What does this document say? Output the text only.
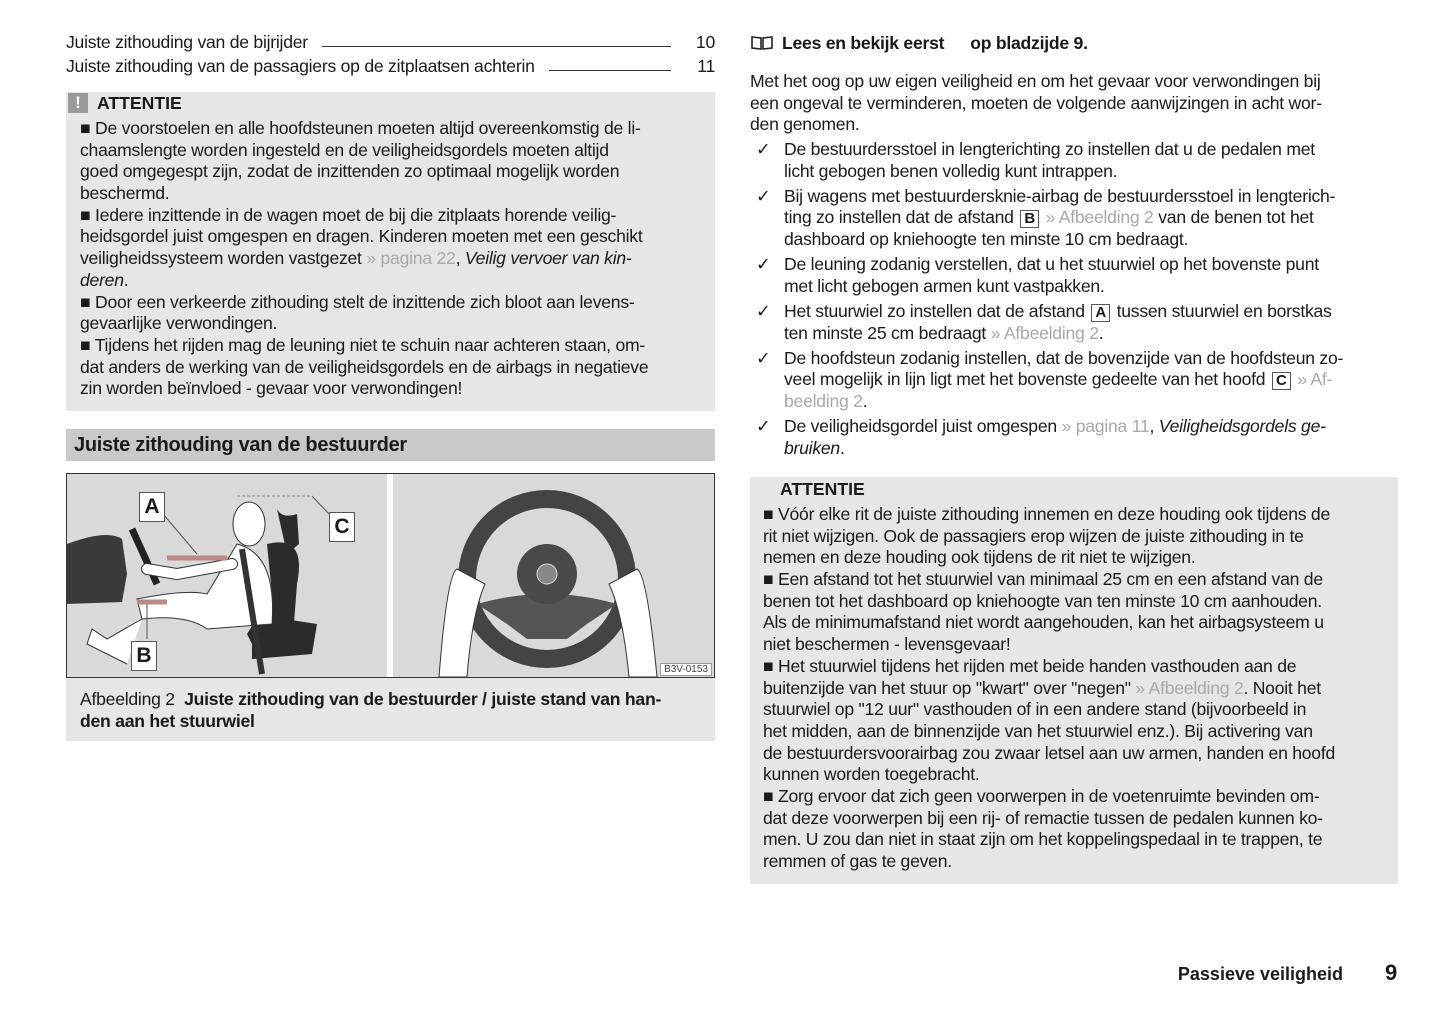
Juiste zithouding van de bijrijder	10
Juiste zithouding van de passagiers op de zitplaatsen achterin	11
! ATTENTIE
■ De voorstoelen en alle hoofdsteunen moeten altijd overeenkomstig de li-
chaamslengte worden ingesteld en de veiligheidsgordels moeten altijd
goed omgegespt zijn, zodat de inzittenden zo optimaal mogelijk worden
beschermd.
■ Iedere inzittende in de wagen moet de bij die zitplaats horende veilig-
heidsgordel juist omgespen en dragen. Kinderen moeten met een geschikt
veiligheidssysteem worden vastgezet » pagina 22, Veilig vervoer van kin-
deren.
■ Door een verkeerde zithouding stelt de inzittende zich bloot aan levens-
gevaarlijke verwondingen.
■ Tijdens het rijden mag de leuning niet te schuin naar achteren staan, om-
dat anders de werking van de veiligheidsgordels en de airbags in negatieve
zin worden beïnvloed - gevaar voor verwondingen!
Juiste zithouding van de bestuurder
A
B
C
B3V-0153
Afbeelding 2 Juiste zithouding van de bestuurder / juiste stand van han-
den aan het stuurwiel
Lees en bekijk eerst op bladzijde 9.
Met het oog op uw eigen veiligheid en om het gevaar voor verwondingen bij
een ongeval te verminderen, moeten de volgende aanwijzingen in acht wor-
den genomen.
✓ De bestuurdersstoel in lengterichting zo instellen dat u de pedalen met
licht gebogen benen volledig kunt intrappen.
✓ Bij wagens met bestuurdersknie-airbag de bestuurdersstoel in lengterich-
ting zo instellen dat de afstand B » Afbeelding 2 van de benen tot het
dashboard op kniehoogte ten minste 10 cm bedraagt.
✓ De leuning zodanig verstellen, dat u het stuurwiel op het bovenste punt
met licht gebogen armen kunt vastpakken.
✓ Het stuurwiel zo instellen dat de afstand A tussen stuurwiel en borstkas
ten minste 25 cm bedraagt » Afbeelding 2.
✓ De hoofdsteun zodanig instellen, dat de bovenzijde van de hoofdsteun zo-
veel mogelijk in lijn ligt met het bovenste gedeelte van het hoofd C » Af-
beelding 2.
✓ De veiligheidsgordel juist omgespen » pagina 11, Veiligheidsgordels ge-
bruiken.
ATTENTIE
■ Vóór elke rit de juiste zithouding innemen en deze houding ook tijdens de
rit niet wijzigen. Ook de passagiers erop wijzen de juiste zithouding in te
nemen en deze houding ook tijdens de rit niet te wijzigen.
■ Een afstand tot het stuurwiel van minimaal 25 cm en een afstand van de
benen tot het dashboard op kniehoogte van ten minste 10 cm aanhouden.
Als de minimumafstand niet wordt aangehouden, kan het airbagsysteem u
niet beschermen - levensgevaar!
■ Het stuurwiel tijdens het rijden met beide handen vasthouden aan de
buitenzijde van het stuur op "kwart" over "negen" » Afbeelding 2. Nooit het
stuurwiel op "12 uur" vasthouden of in een andere stand (bijvoorbeeld in
het midden, aan de binnenzijde van het stuurwiel enz.). Bij activering van
de bestuurdersvoorairbag zou zwaar letsel aan uw armen, handen en hoofd
kunnen worden toegebracht.
■ Zorg ervoor dat zich geen voorwerpen in de voetenruimte bevinden om-
dat deze voorwerpen bij een rij- of remactie tussen de pedalen kunnen ko-
men. U zou dan niet in staat zijn om het koppelingspedaal in te trappen, te
remmen of gas te geven.
Passieve veiligheid 9
